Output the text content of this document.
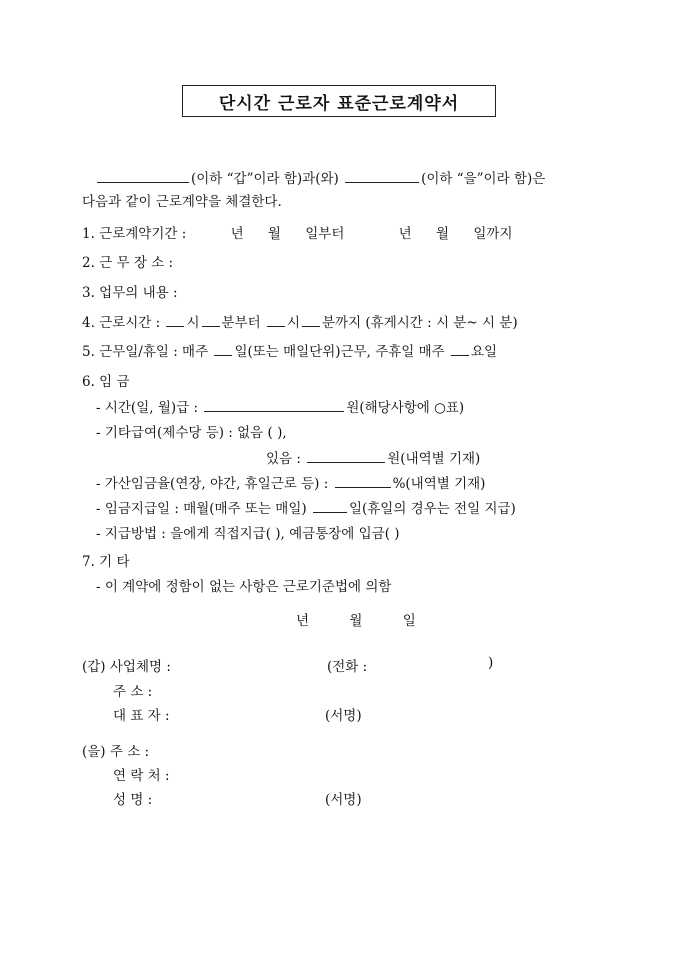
단시간 근로자 표준근로계약서
(이하 “갑”이라 함)과(와)	(이하 “을”이라 함)은
다음과 같이 근로계약을 체결한다.
1. 근로계약기간 :	년 월 일부터	년 월 일까지
2. 근 무 장 소 :
3. 업무의 내용 :
4. 근로시간 : 시 분부터 시 분까지 (휴게시간 : 시 분~ 시 분)
5. 근무일/휴일 : 매주 일(또는 매일단위)근무, 주휴일 매주 요일
6. 임 금
- 시간(일, 월)급 :	원(해당사항에 ○표)
- 기타급여(제수당 등) : 없음 ( ),
있음 :	원(내역별 기재)
- 가산임금율(연장, 야간, 휴일근로 등) :	%(내역별 기재)
- 임금지급일 : 매월(매주 또는 매일)	일(휴일의 경우는 전일 지급)
- 지급방법 : 을에게 직접지급( ), 예금통장에 입금( )
7. 기 타
- 이 계약에 정함이 없는 사항은 근로기준법에 의함
년	월	일
(갑) 사업체명 :	(전화 :	)
주 소 :
대 표 자 :	(서명)
(을) 주 소 :
연 락 처 :
성 명 :	(서명)
